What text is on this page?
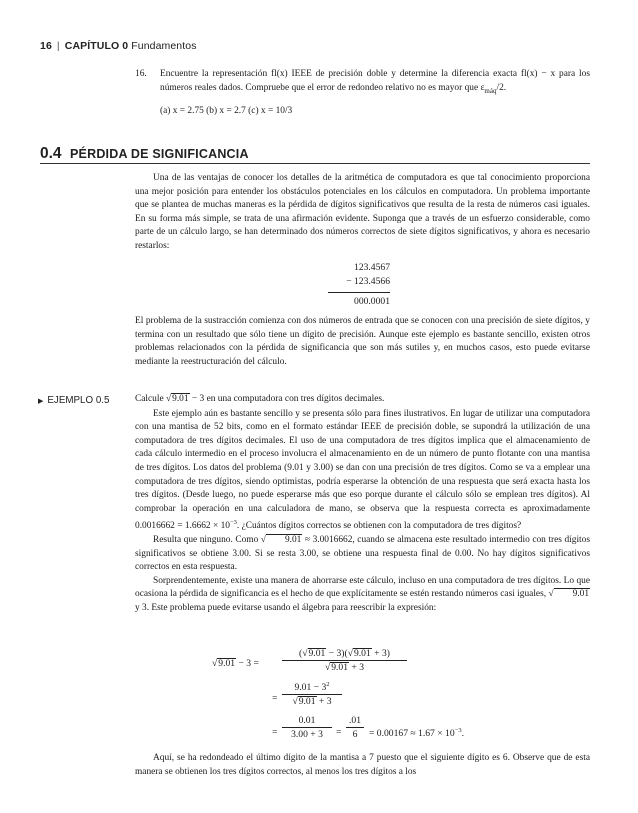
16 | CAPÍTULO 0 Fundamentos
16. Encuentre la representación fl(x) IEEE de precisión doble y determine la diferencia exacta fl(x) − x para los números reales dados. Compruebe que el error de redondeo relativo no es mayor que $\varepsilon_{máq}/2$.
(a) x = 2.75 (b) x = 2.7 (c) x = 10/3
0.4 PÉRDIDA DE SIGNIFICANCIA
Una de las ventajas de conocer los detalles de la aritmética de computadora es que tal conocimiento proporciona una mejor posición para entender los obstáculos potenciales en los cálculos en computadora. Un problema importante que se plantea de muchas maneras es la pérdida de dígitos significativos que resulta de la resta de números casi iguales. En su forma más simple, se trata de una afirmación evidente. Suponga que a través de un esfuerzo considerable, como parte de un cálculo largo, se han determinado dos números correctos de siete dígitos significativos, y ahora es necesario restarlos:
123.4567
− 123.4566
000.0001
El problema de la sustracción comienza con dos números de entrada que se conocen con una precisión de siete dígitos, y termina con un resultado que sólo tiene un dígito de precisión. Aunque este ejemplo es bastante sencillo, existen otros problemas relacionados con la pérdida de significancia que son más sutiles y, en muchos casos, esto puede evitarse mediante la reestructuración del cálculo.
▶ EJEMPLO 0.5	Calcule √9.01 − 3 en una computadora con tres dígitos decimales.
Este ejemplo aún es bastante sencillo y se presenta sólo para fines ilustrativos. En lugar de utilizar una computadora con una mantisa de 52 bits, como en el formato estándar IEEE de precisión doble, se supondrá la utilización de una computadora de tres dígitos decimales. El uso de una computadora de tres dígitos implica que el almacenamiento de cada cálculo intermedio en el proceso involucra el almacenamiento en de un número de punto flotante con una mantisa de tres dígitos. Los datos del problema (9.01 y 3.00) se dan con una precisión de tres dígitos. Como se va a emplear una computadora de tres dígitos, siendo optimistas, podría esperarse la obtención de una respuesta que será exacta hasta los tres dígitos. (Desde luego, no puede esperarse más que eso porque durante el cálculo sólo se emplean tres dígitos). Al comprobar la operación en una calculadora de mano, se observa que la respuesta correcta es aproximadamente $0.0016662 = 1.6662 \times 10^{-3}$. ¿Cuántos dígitos correctos se obtienen con la computadora de tres dígitos?
Resulta que ninguno. Como √ 9.01 ≈ 3.0016662, cuando se almacena este resultado intermedio con tres dígitos significativos se obtiene 3.00. Si se resta 3.00, se obtiene una respuesta final de 0.00. No hay dígitos significativos correctos en esta respuesta.
Sorprendentemente, existe una manera de ahorrarse este cálculo, incluso en una computadora de tres dígitos. Lo que ocasiona la pérdida de significancia es el hecho de que explícitamente se estén restando números casi iguales, √ 9.01 y 3. Este problema puede evitarse usando el álgebra para reescribir la expresión:
$√9.01 - 3 = \frac{(√9.01 - 3)(√9.01 + 3)}{√9.01 + 3}$
= $\frac{9.01 - 3^2}{√9.01 + 3}$
= $\frac{0.01}{3.00 + 3} = \frac{.01}{6} = 0.00167 \approx 1.67 \times 10^{-3}$.
Aquí, se ha redondeado el último dígito de la mantisa a 7 puesto que el siguiente dígito es 6. Observe que de esta manera se obtienen los tres dígitos correctos, al menos los tres dígitos a los
